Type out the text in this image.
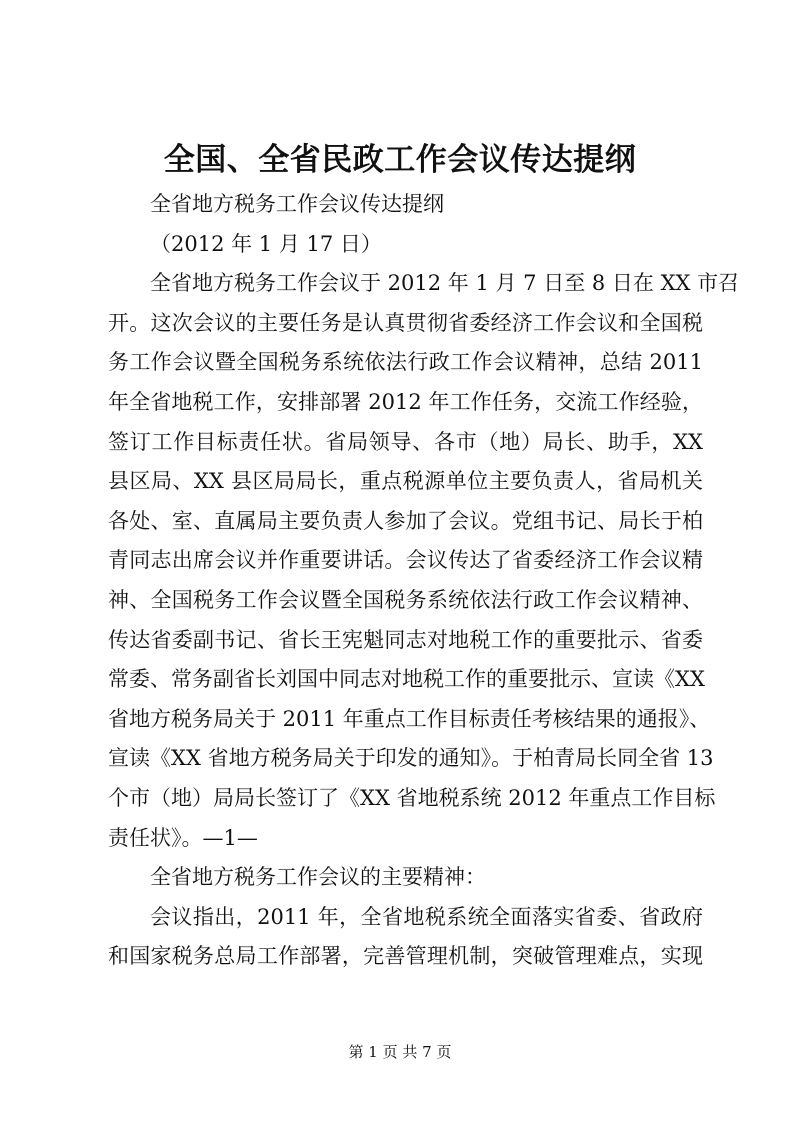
全国、全省民政工作会议传达提纲
全省地方税务工作会议传达提纲
（2012 年 1 月 17 日）
全省地方税务工作会议于 2012 年 1 月 7 日至 8 日在 XX 市召
开。这次会议的主要任务是认真贯彻省委经济工作会议和全国税
务工作会议暨全国税务系统依法行政工作会议精神，总结 2011
年全省地税工作，安排部署 2012 年工作任务，交流工作经验，
签订工作目标责任状。省局领导、各市（地）局长、助手，XX
县区局、XX 县区局局长，重点税源单位主要负责人，省局机关
各处、室、直属局主要负责人参加了会议。党组书记、局长于柏
青同志出席会议并作重要讲话。会议传达了省委经济工作会议精
神、全国税务工作会议暨全国税务系统依法行政工作会议精神、
传达省委副书记、省长王宪魁同志对地税工作的重要批示、省委
常委、常务副省长刘国中同志对地税工作的重要批示、宣读《XX
省地方税务局关于 2011 年重点工作目标责任考核结果的通报》、
宣读《XX 省地方税务局关于印发的通知》。于柏青局长同全省 13
个市（地）局局长签订了《XX 省地税系统 2012 年重点工作目标
责任状》。—1—
全省地方税务工作会议的主要精神：
会议指出，2011 年，全省地税系统全面落实省委、省政府
和国家税务总局工作部署，完善管理机制，突破管理难点，实现
第 1 页 共 7 页
